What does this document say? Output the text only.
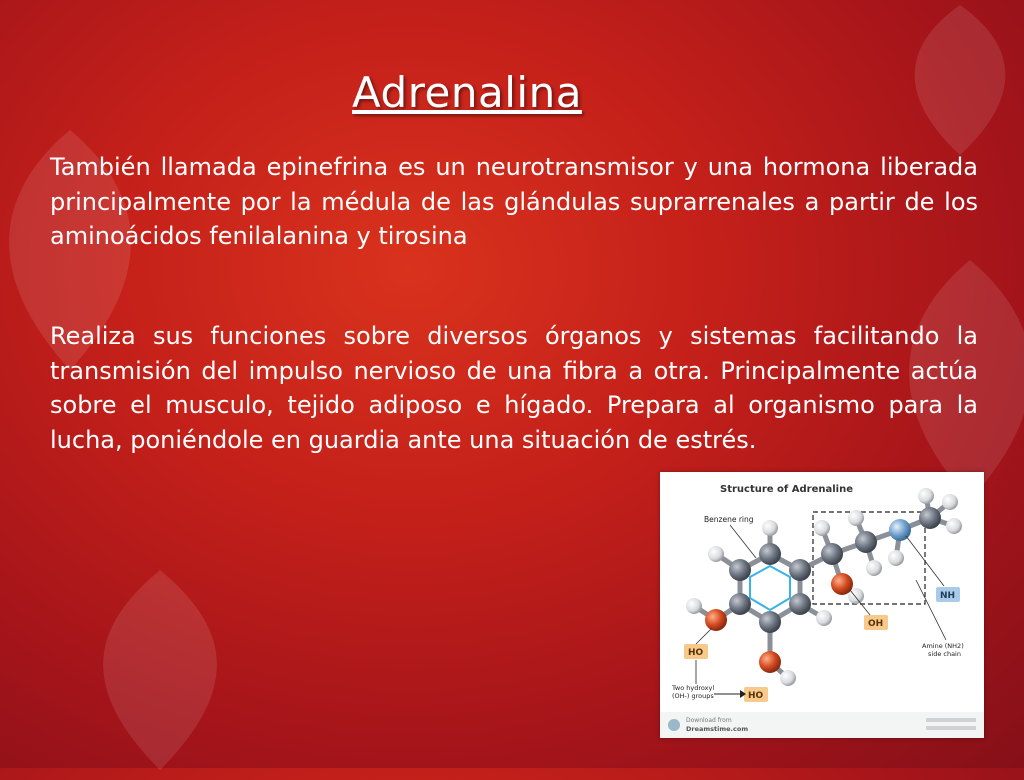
Adrenalina
También llamada epinefrina es un neurotransmisor y una hormona liberada principalmente por la médula de las glándulas suprarrenales a partir de los aminoácidos fenilalanina y tirosina
Realiza sus funciones sobre diversos órganos y sistemas facilitando la transmisión del impulso nervioso de una fibra a otra. Principalmente actúa sobre el musculo, tejido adiposo e hígado. Prepara al organismo para la lucha, poniéndole en guardia ante una situación de estrés.
Structure of Adrenaline
Benzene ring
NH
OH
HO
HO
Amine (NH2)
side chain
Two hydroxyl
(OH-) groups
Download from
Dreamstime.com
